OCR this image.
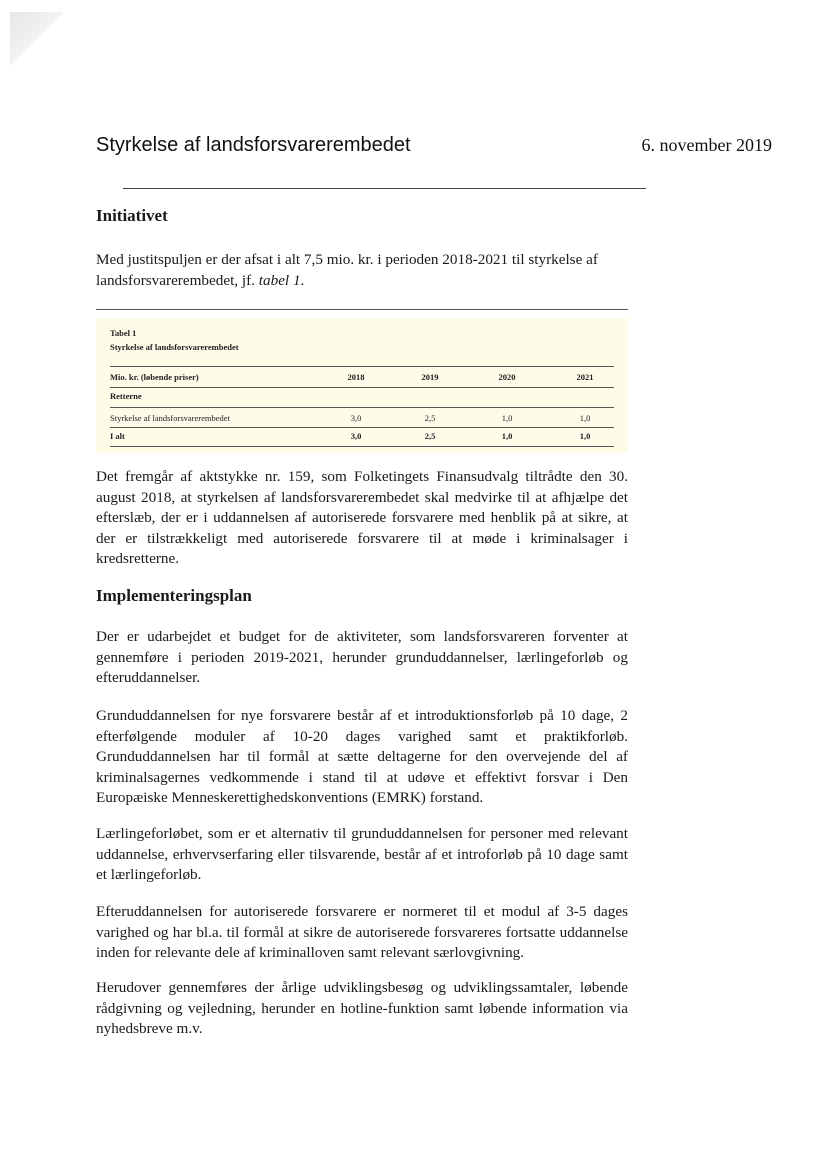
Styrkelse af landsforsvarerembedet	6. november 2019
Initiativet
Med justitspuljen er der afsat i alt 7,5 mio. kr. i perioden 2018-2021 til styrkelse af landsforsvarerembedet, jf. tabel 1.
Tabel 1
Styrkelse af landsforsvarerembedet
Mio. kr. (løbende priser)	2018	2019	2020	2021
Retterne
Styrkelse af landsforsvarerembedet	3,0	2,5	1,0	1,0
I alt	3,0	2,5	1,0	1,0
Det fremgår af aktstykke nr. 159, som Folketingets Finansudvalg tiltrådte den 30. august 2018, at styrkelsen af landsforsvarerembedet skal medvirke til at afhjælpe det efterslæb, der er i uddannelsen af autoriserede forsvarere med henblik på at sikre, at der er tilstrækkeligt med autoriserede forsvarere til at møde i kriminalsager i kredsretterne.
Implementeringsplan
Der er udarbejdet et budget for de aktiviteter, som landsforsvareren forventer at gennemføre i perioden 2019-2021, herunder grunduddannelser, lærlingeforløb og efteruddannelser.
Grunduddannelsen for nye forsvarere består af et introduktionsforløb på 10 dage, 2 efterfølgende moduler af 10-20 dages varighed samt et praktikforløb. Grunduddannelsen har til formål at sætte deltagerne for den overvejende del af kriminalsagernes vedkommende i stand til at udøve et effektivt forsvar i Den Europæiske Menneskerettighedskonventions (EMRK) forstand.
Lærlingeforløbet, som er et alternativ til grunduddannelsen for personer med relevant uddannelse, erhvervserfaring eller tilsvarende, består af et introforløb på 10 dage samt et lærlingeforløb.
Efteruddannelsen for autoriserede forsvarere er normeret til et modul af 3-5 dages varighed og har bl.a. til formål at sikre de autoriserede forsvareres fortsatte uddannelse inden for relevante dele af kriminalloven samt relevant særlovgivning.
Herudover gennemføres der årlige udviklingsbesøg og udviklingssamtaler, løbende rådgivning og vejledning, herunder en hotline-funktion samt løbende information via nyhedsbreve m.v.
